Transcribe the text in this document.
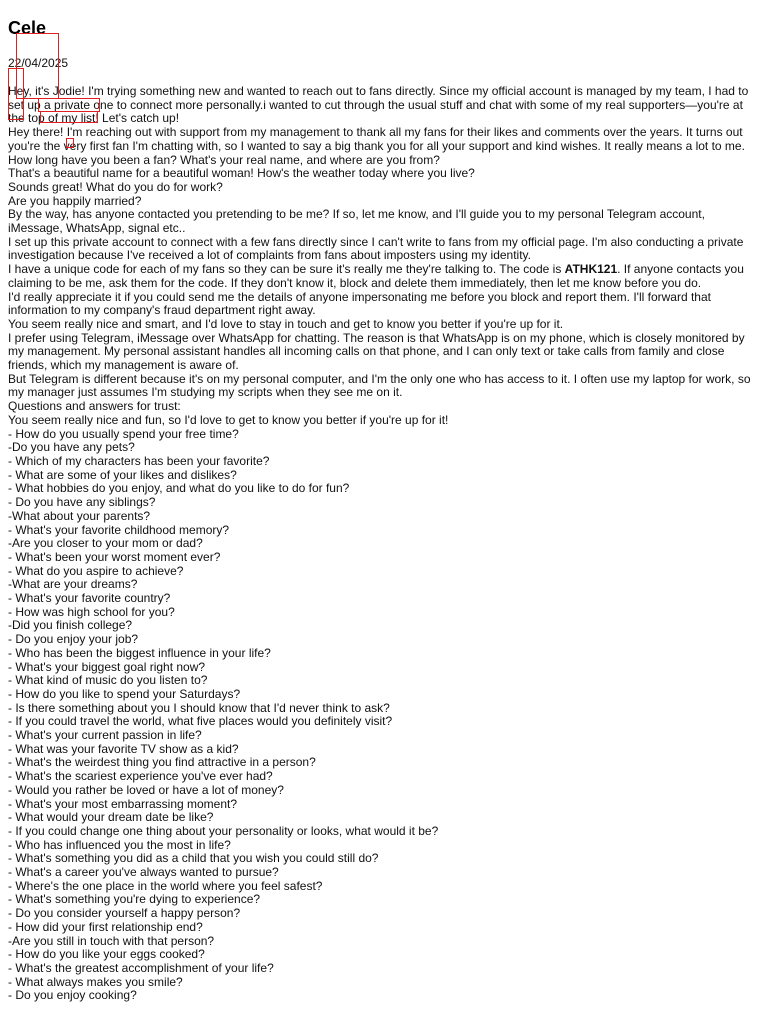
Cele
22/04/2025

Hey, it's Jodie! I'm trying something new and wanted to reach out to fans directly. Since my official account is managed by my team, I had to set up a private one to connect more personally.i wanted to cut through the usual stuff and chat with some of my real supporters—you're at the top of my list! Let's catch up!

Hey there! I'm reaching out with support from my management to thank all my fans for their likes and comments over the years. It turns out you're the very first fan I'm chatting with, so I wanted to say a big thank you for all your support and kind wishes. It really means a lot to me.

How long have you been a fan? What's your real name, and where are you from?

That's a beautiful name for a beautiful woman! How's the weather today where you live?

Sounds great! What do you do for work?

Are you happily married?

By the way, has anyone contacted you pretending to be me? If so, let me know, and I'll guide you to my personal Telegram account, iMessage, WhatsApp, signal etc..

I set up this private account to connect with a few fans directly since I can't write to fans from my official page. I'm also conducting a private investigation because I've received a lot of complaints from fans about imposters using my identity.

I have a unique code for each of my fans so they can be sure it's really me they're talking to. The code is ATHK121. If anyone contacts you claiming to be me, ask them for the code. If they don't know it, block and delete them immediately, then let me know before you do.

I'd really appreciate it if you could send me the details of anyone impersonating me before you block and report them. I'll forward that information to my company's fraud department right away.

You seem really nice and smart, and I'd love to stay in touch and get to know you better if you're up for it.

I prefer using Telegram, iMessage over WhatsApp for chatting. The reason is that WhatsApp is on my phone, which is closely monitored by my management. My personal assistant handles all incoming calls on that phone, and I can only text or take calls from family and close friends, which my management is aware of.

But Telegram is different because it's on my personal computer, and I'm the only one who has access to it. I often use my laptop for work, so my manager just assumes I'm studying my scripts when they see me on it.

Questions and answers for trust:

You seem really nice and fun, so I'd love to get to know you better if you're up for it!

- How do you usually spend your free time?
-Do you have any pets?
- Which of my characters has been your favorite?
- What are some of your likes and dislikes?
- What hobbies do you enjoy, and what do you like to do for fun?
- Do you have any siblings?
-What about your parents?
- What's your favorite childhood memory?
-Are you closer to your mom or dad?
- What's been your worst moment ever?
- What do you aspire to achieve?
-What are your dreams?
- What's your favorite country?
- How was high school for you?
-Did you finish college?
- Do you enjoy your job?
- Who has been the biggest influence in your life?
- What's your biggest goal right now?
- What kind of music do you listen to?
- How do you like to spend your Saturdays?
- Is there something about you I should know that I'd never think to ask?
- If you could travel the world, what five places would you definitely visit?
- What's your current passion in life?
- What was your favorite TV show as a kid?
- What's the weirdest thing you find attractive in a person?
- What's the scariest experience you've ever had?
- Would you rather be loved or have a lot of money?
- What's your most embarrassing moment?
- What would your dream date be like?
- If you could change one thing about your personality or looks, what would it be?
- Who has influenced you the most in life?
- What's something you did as a child that you wish you could still do?
- What's a career you've always wanted to pursue?
- Where's the one place in the world where you feel safest?
- What's something you're dying to experience?
- Do you consider yourself a happy person?
- How did your first relationship end?
-Are you still in touch with that person?
- How do you like your eggs cooked?
- What's the greatest accomplishment of your life?
- What always makes you smile?
- Do you enjoy cooking?
